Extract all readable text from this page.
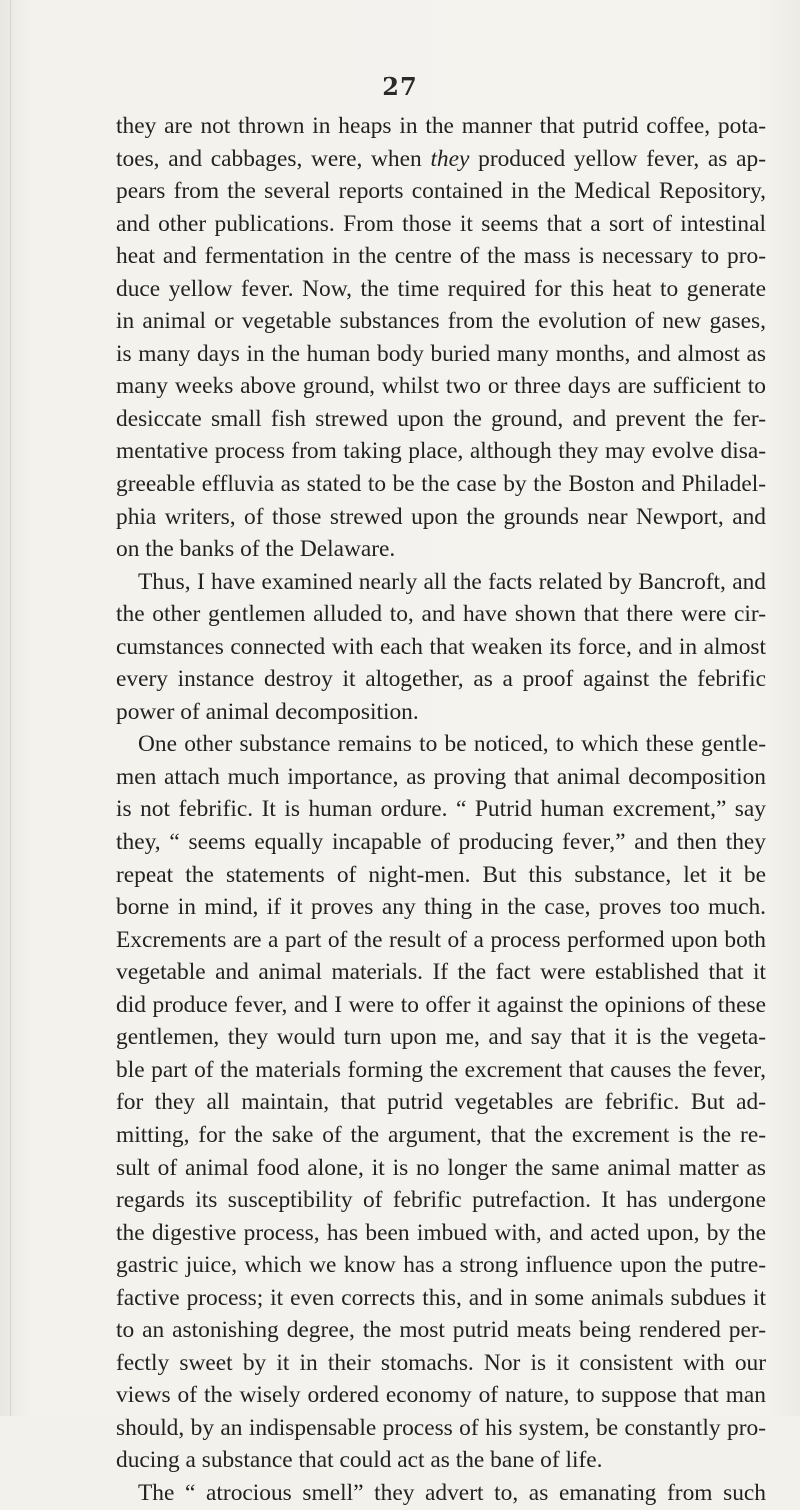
27
they are not thrown in heaps in the manner that putrid coffee, pota-
toes, and cabbages, were, when they produced yellow fever, as ap-
pears from the several reports contained in the Medical Repository,
and other publications. From those it seems that a sort of intestinal
heat and fermentation in the centre of the mass is necessary to pro-
duce yellow fever. Now, the time required for this heat to generate
in animal or vegetable substances from the evolution of new gases,
is many days in the human body buried many months, and almost as
many weeks above ground, whilst two or three days are sufficient to
desiccate small fish strewed upon the ground, and prevent the fer-
mentative process from taking place, although they may evolve disa-
greeable effluvia as stated to be the case by the Boston and Philadel-
phia writers, of those strewed upon the grounds near Newport, and
on the banks of the Delaware.
Thus, I have examined nearly all the facts related by Bancroft, and
the other gentlemen alluded to, and have shown that there were cir-
cumstances connected with each that weaken its force, and in almost
every instance destroy it altogether, as a proof against the febrific
power of animal decomposition.
One other substance remains to be noticed, to which these gentle-
men attach much importance, as proving that animal decomposition
is not febrific. It is human ordure. “ Putrid human excrement,” say
they, “ seems equally incapable of producing fever,” and then they
repeat the statements of night-men. But this substance, let it be
borne in mind, if it proves any thing in the case, proves too much.
Excrements are a part of the result of a process performed upon both
vegetable and animal materials. If the fact were established that it
did produce fever, and I were to offer it against the opinions of these
gentlemen, they would turn upon me, and say that it is the vegeta-
ble part of the materials forming the excrement that causes the fever,
for they all maintain, that putrid vegetables are febrific. But ad-
mitting, for the sake of the argument, that the excrement is the re-
sult of animal food alone, it is no longer the same animal matter as
regards its susceptibility of febrific putrefaction. It has undergone
the digestive process, has been imbued with, and acted upon, by the
gastric juice, which we know has a strong influence upon the putre-
factive process; it even corrects this, and in some animals subdues it
to an astonishing degree, the most putrid meats being rendered per-
fectly sweet by it in their stomachs. Nor is it consistent with our
views of the wisely ordered economy of nature, to suppose that man
should, by an indispensable process of his system, be constantly pro-
ducing a substance that could act as the bane of life.
The “ atrocious smell” they advert to, as emanating from such
